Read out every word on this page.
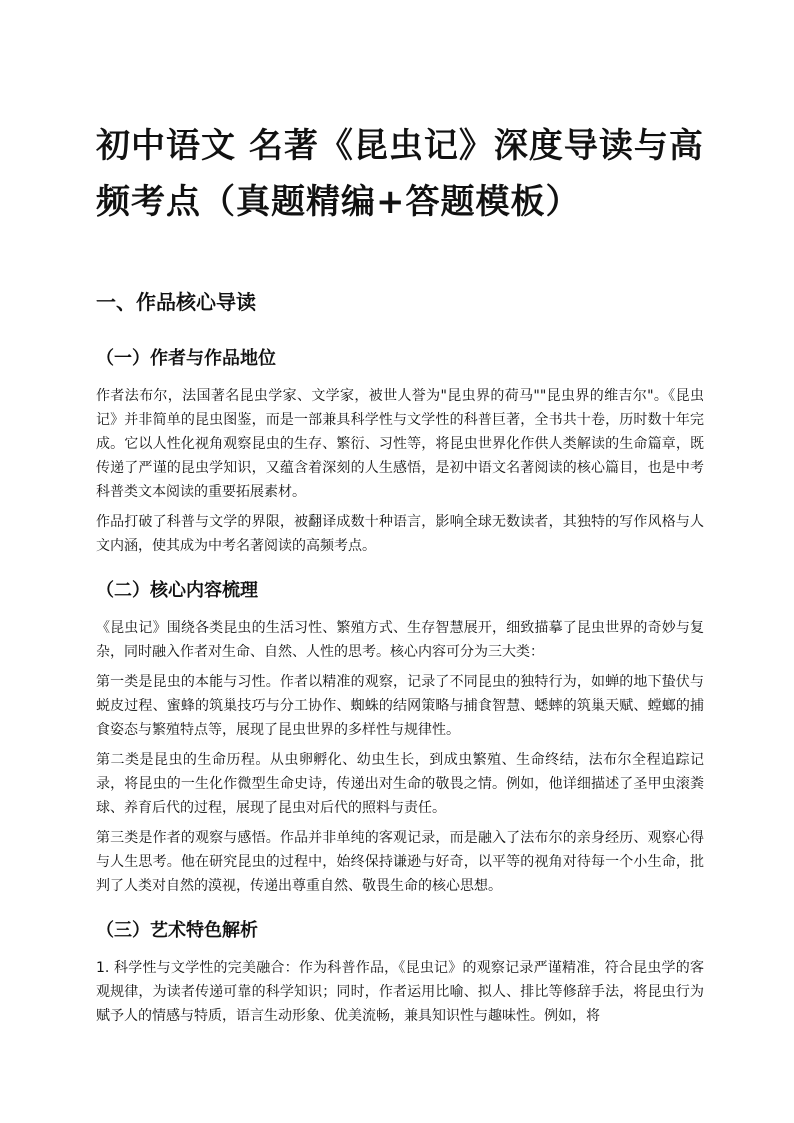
初中语文 名著《昆虫记》深度导读与高频考点（真题精编+答题模板）
一、作品核心导读
（一）作者与作品地位

作者法布尔，法国著名昆虫学家、文学家，被世人誉为"昆虫界的荷马""昆虫界的维吉尔"。《昆虫记》并非简单的昆虫图鉴，而是一部兼具科学性与文学性的科普巨著，全书共十卷，历时数十年完成。它以人性化视角观察昆虫的生存、繁衍、习性等，将昆虫世界化作供人类解读的生命篇章，既传递了严谨的昆虫学知识，又蕴含着深刻的人生感悟，是初中语文名著阅读的核心篇目，也是中考科普类文本阅读的重要拓展素材。

作品打破了科普与文学的界限，被翻译成数十种语言，影响全球无数读者，其独特的写作风格与人文内涵，使其成为中考名著阅读的高频考点。

（二）核心内容梳理

《昆虫记》围绕各类昆虫的生活习性、繁殖方式、生存智慧展开，细致描摹了昆虫世界的奇妙与复杂，同时融入作者对生命、自然、人性的思考。核心内容可分为三大类：

第一类是昆虫的本能与习性。作者以精准的观察，记录了不同昆虫的独特行为，如蝉的地下蛰伏与蜕皮过程、蜜蜂的筑巢技巧与分工协作、蜘蛛的结网策略与捕食智慧、蟋蟀的筑巢天赋、螳螂的捕食姿态与繁殖特点等，展现了昆虫世界的多样性与规律性。

第二类是昆虫的生命历程。从虫卵孵化、幼虫生长，到成虫繁殖、生命终结，法布尔全程追踪记录，将昆虫的一生化作微型生命史诗，传递出对生命的敬畏之情。例如，他详细描述了圣甲虫滚粪球、养育后代的过程，展现了昆虫对后代的照料与责任。

第三类是作者的观察与感悟。作品并非单纯的客观记录，而是融入了法布尔的亲身经历、观察心得与人生思考。他在研究昆虫的过程中，始终保持谦逊与好奇，以平等的视角对待每一个小生命，批判了人类对自然的漠视，传递出尊重自然、敬畏生命的核心思想。

（三）艺术特色解析

1. 科学性与文学性的完美融合：作为科普作品，《昆虫记》的观察记录严谨精准，符合昆虫学的客观规律，为读者传递可靠的科学知识；同时，作者运用比喻、拟人、排比等修辞手法，将昆虫行为赋予人的情感与特质，语言生动形象、优美流畅，兼具知识性与趣味性。例如，将
